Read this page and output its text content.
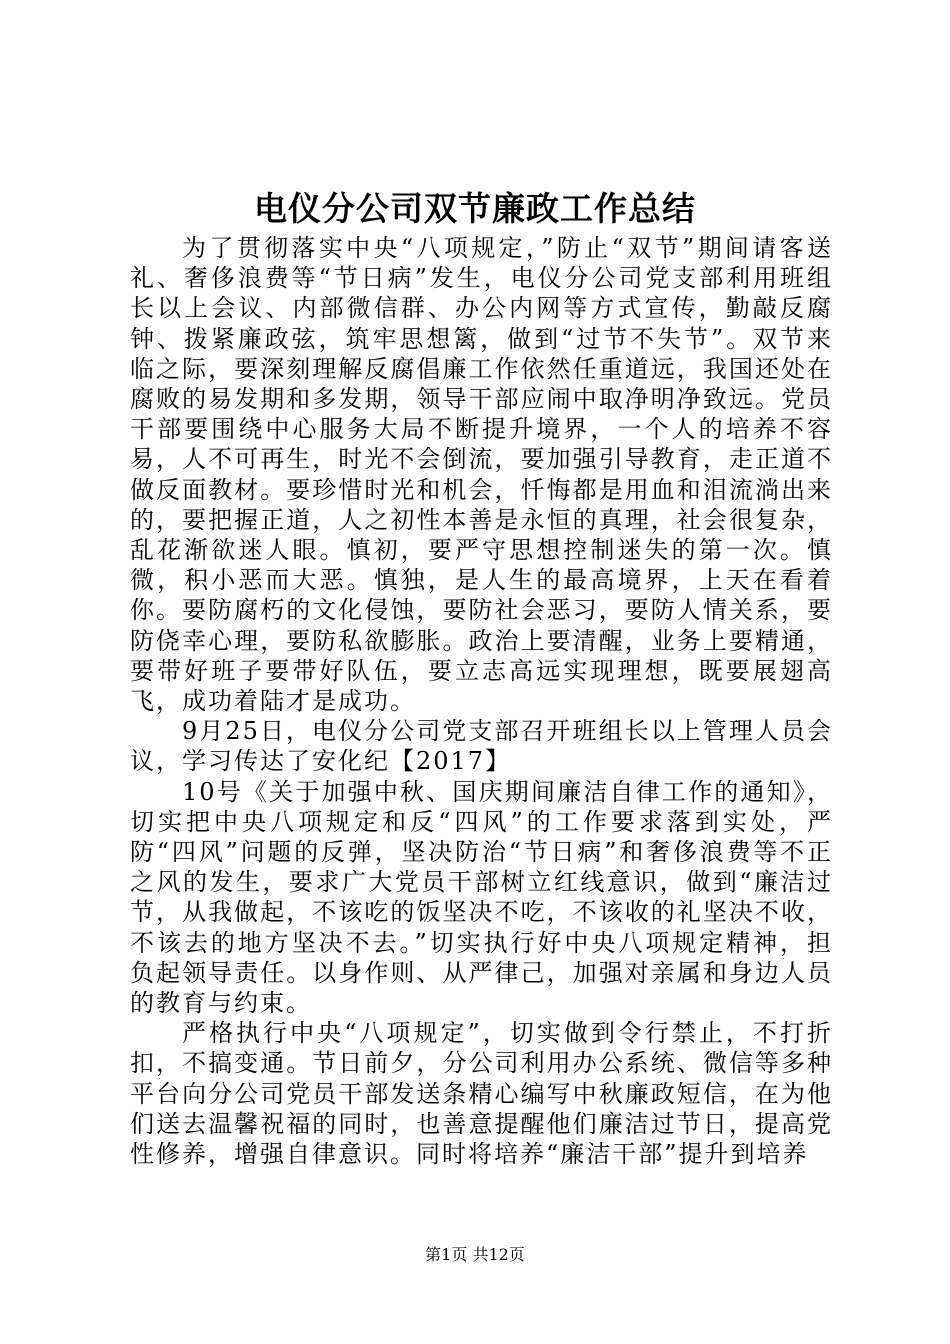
电仪分公司双节廉政工作总结

为了贯彻落实中央“八项规定，”防止“双节”期间请客送礼、奢侈浪费等“节日病”发生，电仪分公司党支部利用班组长以上会议、内部微信群、办公内网等方式宣传，勤敲反腐钟、拨紧廉政弦，筑牢思想篱，做到“过节不失节”。双节来临之际，要深刻理解反腐倡廉工作依然任重道远，我国还处在腐败的易发期和多发期，领导干部应闹中取净明净致远。党员干部要围绕中心服务大局不断提升境界，一个人的培养不容易，人不可再生，时光不会倒流，要加强引导教育，走正道不做反面教材。要珍惜时光和机会，忏悔都是用血和泪流淌出来的，要把握正道，人之初性本善是永恒的真理，社会很复杂，乱花渐欲迷人眼。慎初，要严守思想控制迷失的第一次。慎微，积小恶而大恶。慎独，是人生的最高境界，上天在看着你。要防腐朽的文化侵蚀，要防社会恶习，要防人情关系，要防侥幸心理，要防私欲膨胀。政治上要清醒，业务上要精通，要带好班子要带好队伍，要立志高远实现理想，既要展翅高飞，成功着陆才是成功。

9月25日，电仪分公司党支部召开班组长以上管理人员会议，学习传达了安化纪【2017】

10号《关于加强中秋、国庆期间廉洁自律工作的通知》，切实把中央八项规定和反“四风”的工作要求落到实处，严防“四风”问题的反弹，坚决防治“节日病”和奢侈浪费等不正之风的发生，要求广大党员干部树立红线意识，做到“廉洁过节，从我做起，不该吃的饭坚决不吃，不该收的礼坚决不收，不该去的地方坚决不去。”切实执行好中央八项规定精神，担负起领导责任。以身作则、从严律己，加强对亲属和身边人员的教育与约束。

严格执行中央“八项规定”，切实做到令行禁止，不打折扣，不搞变通。节日前夕，分公司利用办公系统、微信等多种平台向分公司党员干部发送条精心编写中秋廉政短信，在为他们送去温馨祝福的同时，也善意提醒他们廉洁过节日，提高党性修养，增强自律意识。同时将培养“廉洁干部”提升到培养

第1页 共12页
